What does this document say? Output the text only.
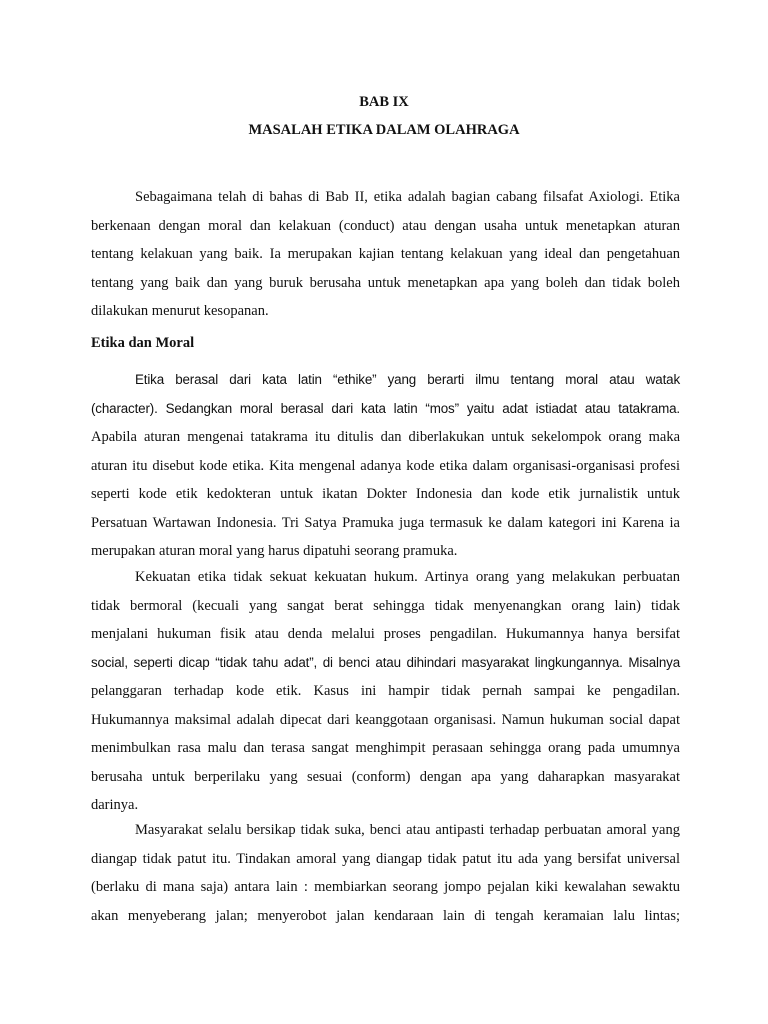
BAB IX
MASALAH ETIKA DALAM OLAHRAGA
Sebagaimana telah di bahas di Bab II, etika adalah bagian cabang filsafat Axiologi. Etika
berkenaan dengan moral dan kelakuan (conduct) atau dengan usaha untuk menetapkan aturan
tentang kelakuan yang baik. Ia merupakan kajian tentang kelakuan yang ideal dan pengetahuan
tentang yang baik dan yang buruk berusaha untuk menetapkan apa yang boleh dan tidak boleh
dilakukan menurut kesopanan.
Etika dan Moral
Etika berasal dari kata latin “ethike” yang berarti ilmu tentang moral atau watak
(character). Sedangkan moral berasal dari kata latin “mos” yaitu adat istiadat atau tatakrama.
Apabila aturan mengenai tatakrama itu ditulis dan diberlakukan untuk sekelompok orang maka
aturan itu disebut kode etika. Kita mengenal adanya kode etika dalam organisasi-organisasi profesi
seperti kode etik kedokteran untuk ikatan Dokter Indonesia dan kode etik jurnalistik untuk
Persatuan Wartawan Indonesia. Tri Satya Pramuka juga termasuk ke dalam kategori ini Karena ia
merupakan aturan moral yang harus dipatuhi seorang pramuka.
Kekuatan etika tidak sekuat kekuatan hukum. Artinya orang yang melakukan perbuatan
tidak bermoral (kecuali yang sangat berat sehingga tidak menyenangkan orang lain) tidak
menjalani hukuman fisik atau denda melalui proses pengadilan. Hukumannya hanya bersifat
social, seperti dicap “tidak tahu adat”, di benci atau dihindari masyarakat lingkungannya. Misalnya
pelanggaran terhadap kode etik. Kasus ini hampir tidak pernah sampai ke pengadilan.
Hukumannya maksimal adalah dipecat dari keanggotaan organisasi. Namun hukuman social dapat
menimbulkan rasa malu dan terasa sangat menghimpit perasaan sehingga orang pada umumnya
berusaha untuk berperilaku yang sesuai (conform) dengan apa yang daharapkan masyarakat
darinya.
Masyarakat selalu bersikap tidak suka, benci atau antipasti terhadap perbuatan amoral yang
diangap tidak patut itu. Tindakan amoral yang diangap tidak patut itu ada yang bersifat universal
(berlaku di mana saja) antara lain : membiarkan seorang jompo pejalan kiki kewalahan sewaktu
akan menyeberang jalan; menyerobot jalan kendaraan lain di tengah keramaian lalu lintas;
